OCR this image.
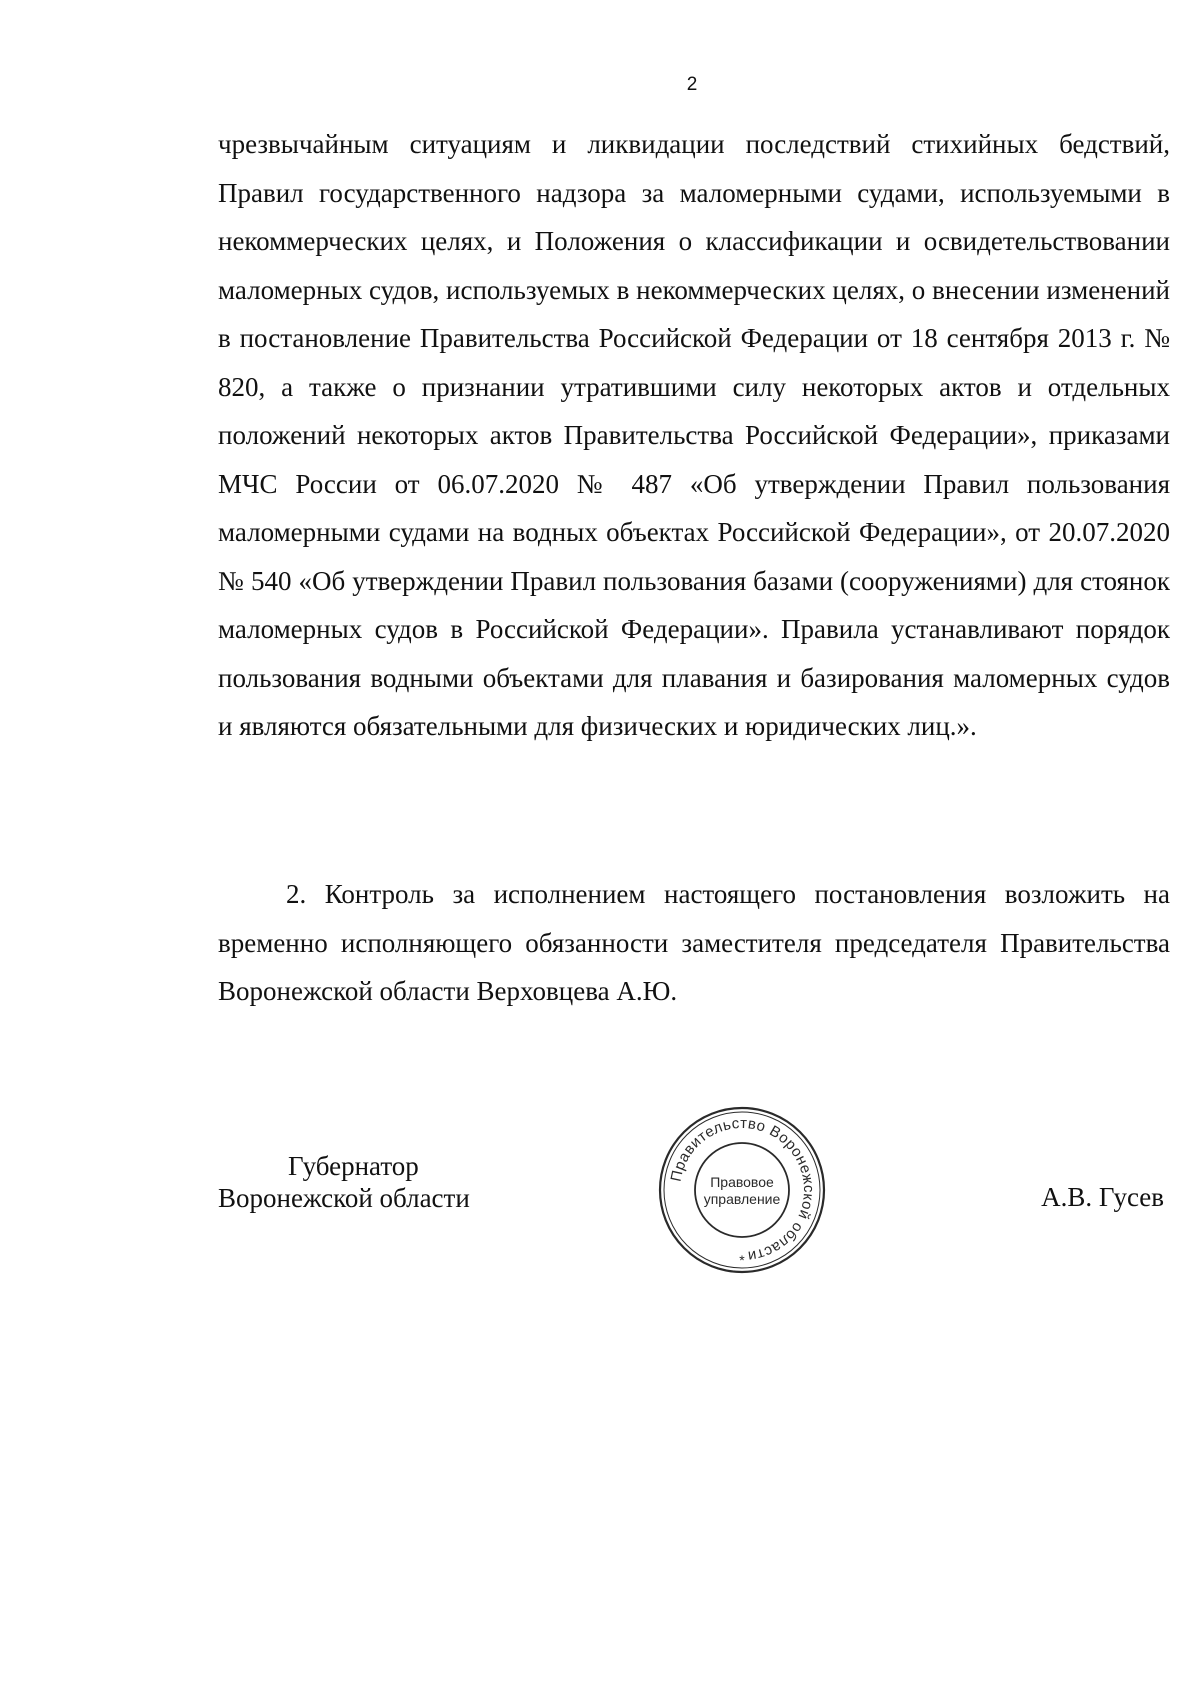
2

чрезвычайным ситуациям и ликвидации последствий стихийных бедствий, Правил государственного надзора за маломерными судами, используемыми в некоммерческих целях, и Положения о классификации и освидетельствовании маломерных судов, используемых в некоммерческих целях, о внесении изменений в постановление Правительства Российской Федерации от 18 сентября 2013 г. № 820, а также о признании утратившими силу некоторых актов и отдельных положений некоторых актов Правительства Российской Федерации», приказами МЧС России от 06.07.2020 № 487 «Об утверждении Правил пользования маломерными судами на водных объектах Российской Федерации», от 20.07.2020 № 540 «Об утверждении Правил пользования базами (сооружениями) для стоянок маломерных судов в Российской Федерации». Правила устанавливают порядок пользования водными объектами для плавания и базирования маломерных судов и являются обязательными для физических и юридических лиц.».

2. Контроль за исполнением настоящего постановления возложить на временно исполняющего обязанности заместителя председателя Правительства Воронежской области Верховцева А.Ю.

Губернатор
Воронежской области
Правительство Воронежской области
Правовое
управление
*
А.В. Гусев
